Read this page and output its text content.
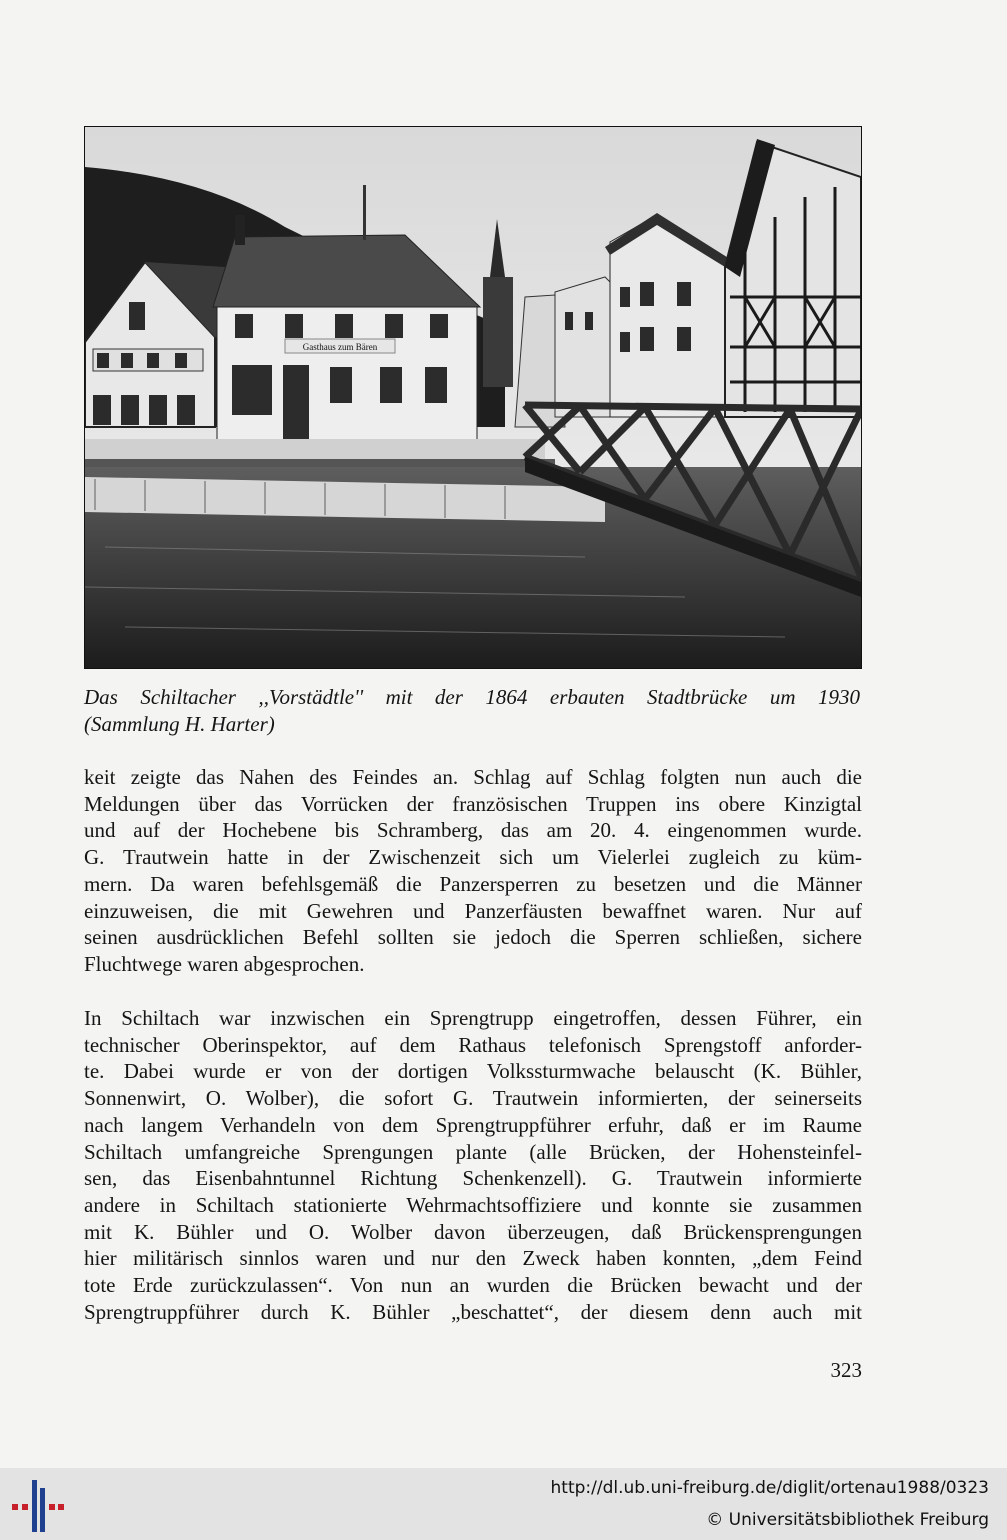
Gasthaus zum Bären
Das Schiltacher ,,Vorstädtle'' mit der 1864 erbauten Stadtbrücke um 1930
(Sammlung H. Harter)

keit zeigte das Nahen des Feindes an. Schlag auf Schlag folgten nun auch die
Meldungen über das Vorrücken der französischen Truppen ins obere Kinzigtal
und auf der Hochebene bis Schramberg, das am 20. 4. eingenommen wurde.
G. Trautwein hatte in der Zwischenzeit sich um Vielerlei zugleich zu küm-
mern. Da waren befehlsgemäß die Panzersperren zu besetzen und die Männer
einzuweisen, die mit Gewehren und Panzerfäusten bewaffnet waren. Nur auf
seinen ausdrücklichen Befehl sollten sie jedoch die Sperren schließen, sichere
Fluchtwege waren abgesprochen.

In Schiltach war inzwischen ein Sprengtrupp eingetroffen, dessen Führer, ein
technischer Oberinspektor, auf dem Rathaus telefonisch Sprengstoff anforder-
te. Dabei wurde er von der dortigen Volkssturmwache belauscht (K. Bühler,
Sonnenwirt, O. Wolber), die sofort G. Trautwein informierten, der seinerseits
nach langem Verhandeln von dem Sprengtruppführer erfuhr, daß er im Raume
Schiltach umfangreiche Sprengungen plante (alle Brücken, der Hohensteinfel-
sen, das Eisenbahntunnel Richtung Schenkenzell). G. Trautwein informierte
andere in Schiltach stationierte Wehrmachtsoffiziere und konnte sie zusammen
mit K. Bühler und O. Wolber davon überzeugen, daß Brückensprengungen
hier militärisch sinnlos waren und nur den Zweck haben konnten, „dem Feind
tote Erde zurückzulassen“. Von nun an wurden die Brücken bewacht und der
Sprengtruppführer durch K. Bühler „beschattet“, der diesem denn auch mit

323
http://dl.ub.uni-freiburg.de/diglit/ortenau1988/0323
© Universitätsbibliothek Freiburg
